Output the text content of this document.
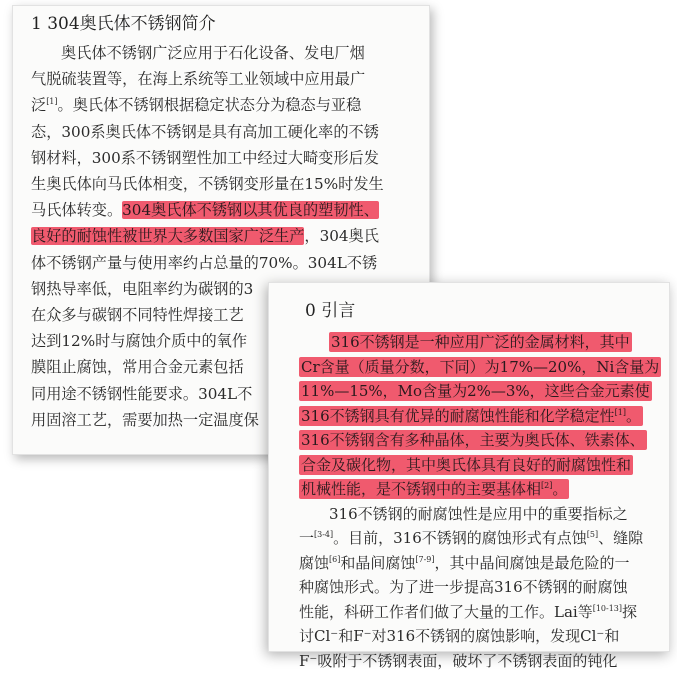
1 304奥氏体不锈钢简介
奥氏体不锈钢广泛应用于石化设备、发电厂烟
气脱硫装置等，在海上系统等工业领域中应用最广
泛[1]。奥氏体不锈钢根据稳定状态分为稳态与亚稳
态，300系奥氏体不锈钢是具有高加工硬化率的不锈
钢材料，300系不锈钢塑性加工中经过大畸变形后发
生奥氏体向马氏体相变，不锈钢变形量在15%时发生
马氏体转变。304奥氏体不锈钢以其优良的塑韧性、
良好的耐蚀性被世界大多数国家广泛生产，304奥氏
体不锈钢产量与使用率约占总量的70%。304L不锈
钢热导率低，电阻率约为碳钢的3
在众多与碳钢不同特性焊接工艺
达到12%时与腐蚀介质中的氧作
膜阻止腐蚀，常用合金元素包括
同用途不锈钢性能要求。304L不
用固溶工艺，需要加热一定温度保
0 引言
316不锈钢是一种应用广泛的金属材料，其中
Cr含量（质量分数，下同）为17%—20%，Ni含量为
11%—15%，Mo含量为2%—3%，这些合金元素使
316不锈钢具有优异的耐腐蚀性能和化学稳定性[1]。
316不锈钢含有多种晶体，主要为奥氏体、铁素体、
合金及碳化物，其中奥氏体具有良好的耐腐蚀性和
机械性能，是不锈钢中的主要基体相[2]。
316不锈钢的耐腐蚀性是应用中的重要指标之
一[3-4]。目前，316不锈钢的腐蚀形式有点蚀[5]、缝隙
腐蚀[6]和晶间腐蚀[7-9]，其中晶间腐蚀是最危险的一
种腐蚀形式。为了进一步提高316不锈钢的耐腐蚀
性能，科研工作者们做了大量的工作。Lai等[10-13]探
讨Cl⁻和F⁻对316不锈钢的腐蚀影响，发现Cl⁻和
F⁻吸附于不锈钢表面，破坏了不锈钢表面的钝化
